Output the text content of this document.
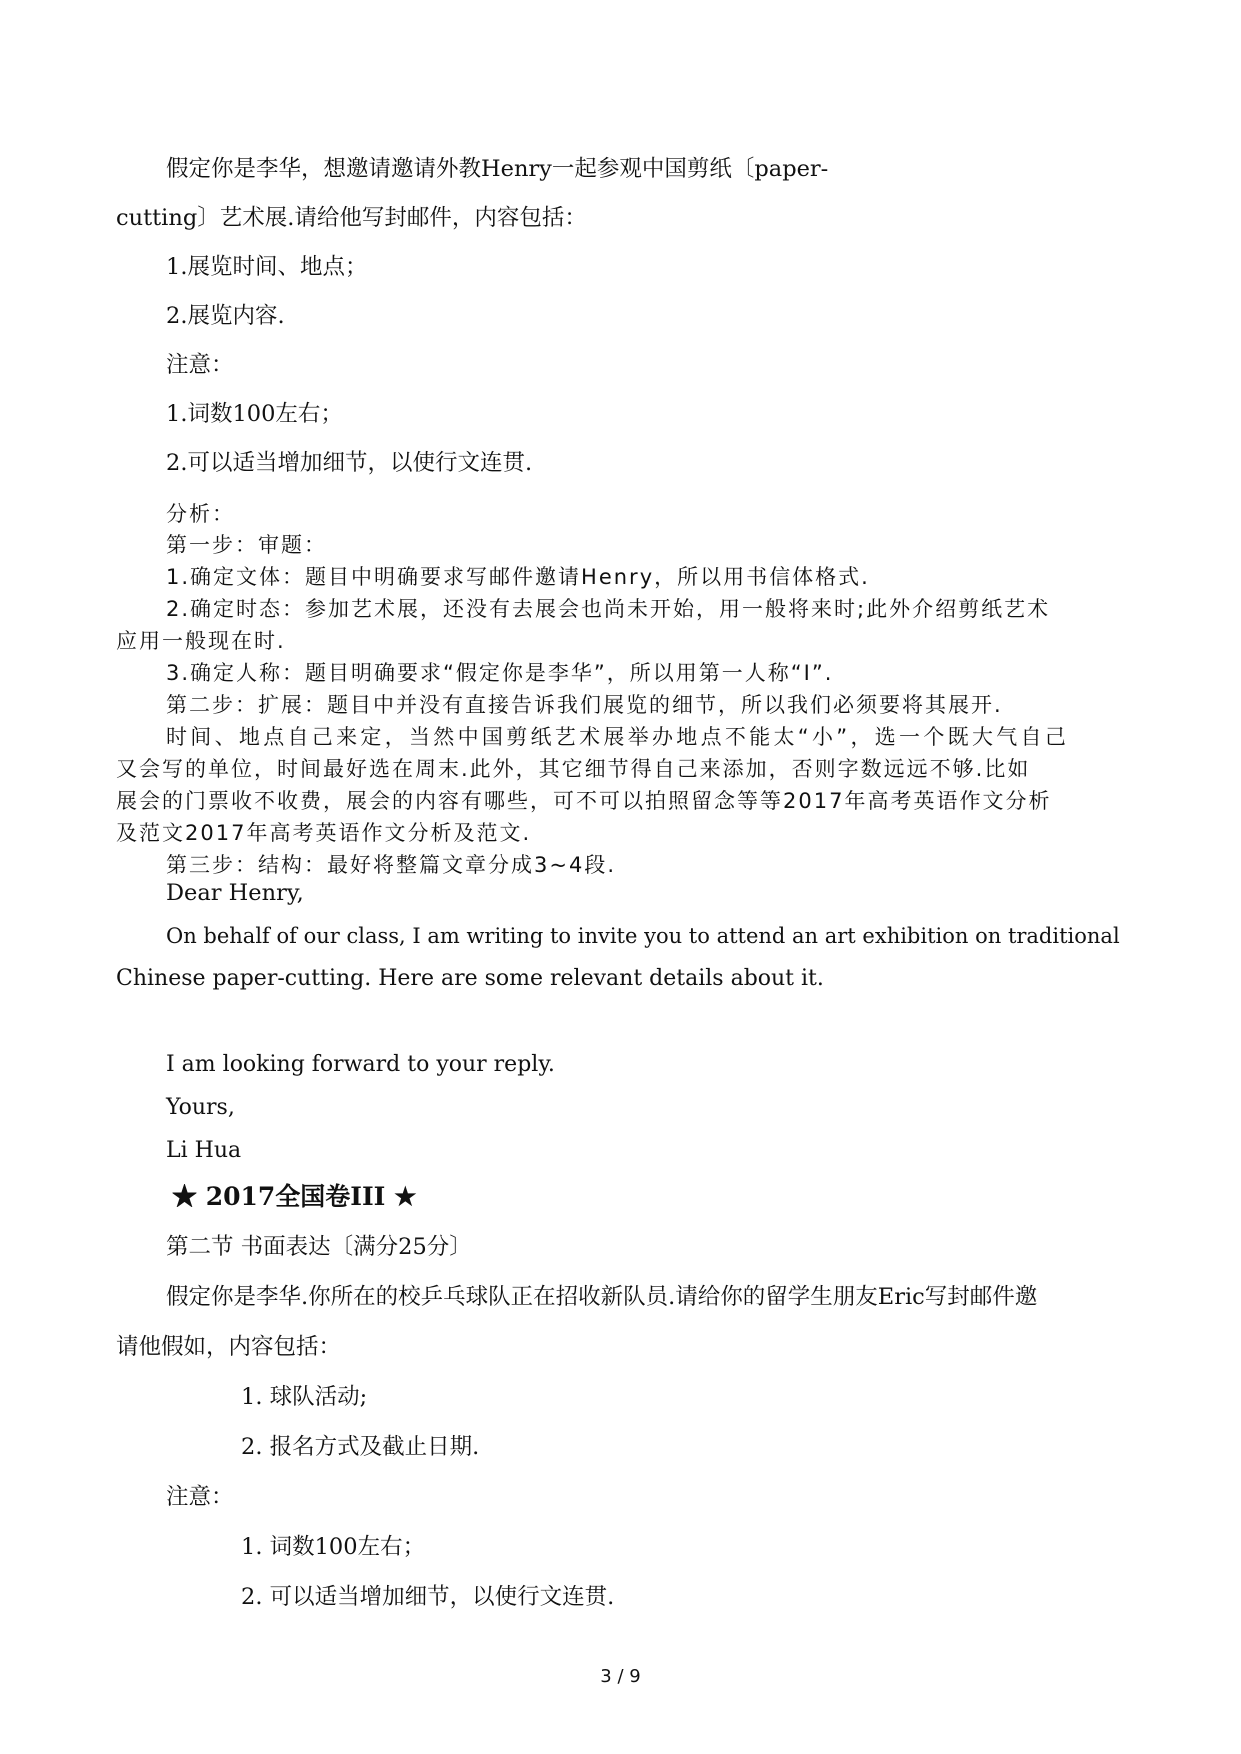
假定你是李华，想邀请邀请外教Henry一起参观中国剪纸〔paper-
cutting〕艺术展.请给他写封邮件，内容包括：
1.展览时间、地点；
2.展览内容.
注意：
1.词数100左右；
2.可以适当增加细节，以使行文连贯.
分析：
第一步：审题：
1.确定文体：题目中明确要求写邮件邀请Henry，所以用书信体格式.
2.确定时态：参加艺术展，还没有去展会也尚未开始，用一般将来时;此外介绍剪纸艺术
应用一般现在时.
3.确定人称：题目明确要求“假定你是李华”，所以用第一人称“I”.
第二步：扩展：题目中并没有直接告诉我们展览的细节，所以我们必须要将其展开.
时间、地点自己来定，当然中国剪纸艺术展举办地点不能太“小”，选一个既大气自己
又会写的单位，时间最好选在周末.此外，其它细节得自己来添加，否则字数远远不够.比如
展会的门票收不收费，展会的内容有哪些，可不可以拍照留念等等2017年高考英语作文分析
及范文2017年高考英语作文分析及范文.
第三步：结构：最好将整篇文章分成3~4段.
Dear Henry,
On behalf of our class, I am writing to invite you to attend an art exhibition on traditional
Chinese paper-cutting. Here are some relevant details about it.
I am looking forward to your reply.
Yours,
Li Hua
★ 2017全国卷III ★
第二节 书面表达〔满分25分〕
假定你是李华.你所在的校乒乓球队正在招收新队员.请给你的留学生朋友Eric写封邮件邀
请他假如，内容包括：
1. 球队活动;
2. 报名方式及截止日期.
注意：
1. 词数100左右；
2. 可以适当增加细节，以使行文连贯.
3 / 9
